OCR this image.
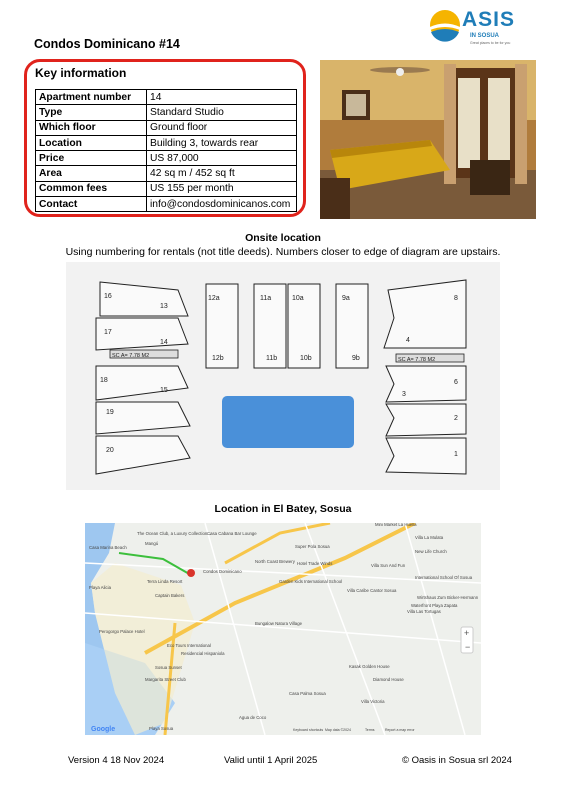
ASIS
IN SOSUA
Great places to be for you
Condos Dominicano #14
Key information
Apartment number	14
Type	Standard Studio
Which floor	Ground floor
Location	Building 3, towards rear
Price	US 87,000
Area	42 sq m / 452 sq ft
Common fees	US 155 per month
Contact	info@condosdominicanos.com
Onsite location
Using numbering for rentals (not title deeds). Numbers closer to edge of diagram are upstairs.
16
13
17
14
18
15
19
20
12a	11a	10a	9a
12b	11b	10b	9b
8
4
6
3
2
1
SC A= 7.78 M2
SC A= 7.78 M2
Location in El Batey, Sosua
The Ocean Club, a Luxury Collection...
Mangú
Casa Cabana Bar Lounge
Mini Market La Huella
Villa La Mulata
New Life Church
Casa Marina Beach	Super Pola Sosua
North Coast Brewery Hotel Trade Winds	Villa Sun And Fun
Condos Dominicano
International School Of Sosua
Waterfront Playa Zapata
Garden Kids International School
Villa Caribe Cantor Sosua
Wirtshaus Zum Bicker-Hermann
Terra Linda Resort
Playa Alicia
Captain Bakers
Villa Las Tortugas
Perogorgo Palace Hotel
Bungalow Natura Village
Eco Tours International
Residencial Hispaniola
Sosua Sunset
Margarita Street Club
Casa Palma Sosua
Kasak Golden House
Diamond House
Villa Victoria
Agua de Coco
Playa Sosua	Keyboard shortcuts Map data ©2024	Terms	Report a map error
Google
+
−
Version 4 18 Nov 2024	Valid until 1 April 2025	© Oasis in Sosua srl 2024
